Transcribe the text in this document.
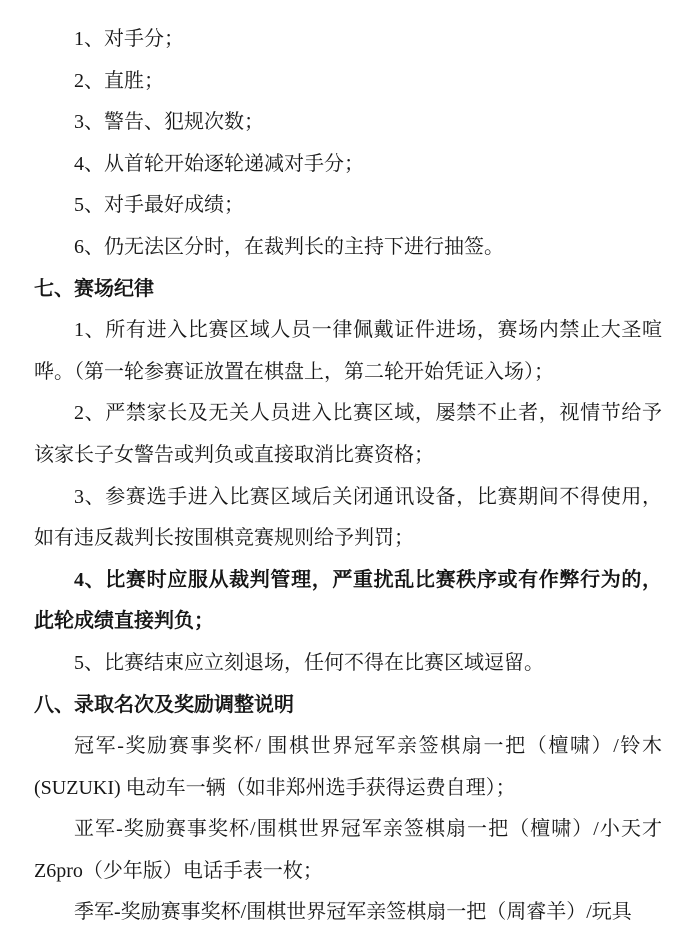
1、对手分；

2、直胜；

3、警告、犯规次数；

4、从首轮开始逐轮递减对手分；

5、对手最好成绩；

6、仍无法区分时，在裁判长的主持下进行抽签。

七、赛场纪律

1、所有进入比赛区域人员一律佩戴证件进场，赛场内禁止大圣喧哗。（第一轮参赛证放置在棋盘上，第二轮开始凭证入场）；

2、严禁家长及无关人员进入比赛区域，屡禁不止者，视情节给予该家长子女警告或判负或直接取消比赛资格；

3、参赛选手进入比赛区域后关闭通讯设备，比赛期间不得使用，如有违反裁判长按围棋竞赛规则给予判罚；

4、比赛时应服从裁判管理，严重扰乱比赛秩序或有作弊行为的，此轮成绩直接判负；

5、比赛结束应立刻退场，任何不得在比赛区域逗留。

八、录取名次及奖励调整说明

冠军-奖励赛事奖杯/ 围棋世界冠军亲签棋扇一把（檀啸）/铃木(SUZUKI) 电动车一辆（如非郑州选手获得运费自理）；

亚军-奖励赛事奖杯/围棋世界冠军亲签棋扇一把（檀啸）/小天才Z6pro（少年版）电话手表一枚；

季军-奖励赛事奖杯/围棋世界冠军亲签棋扇一把（周睿羊）/玩具
